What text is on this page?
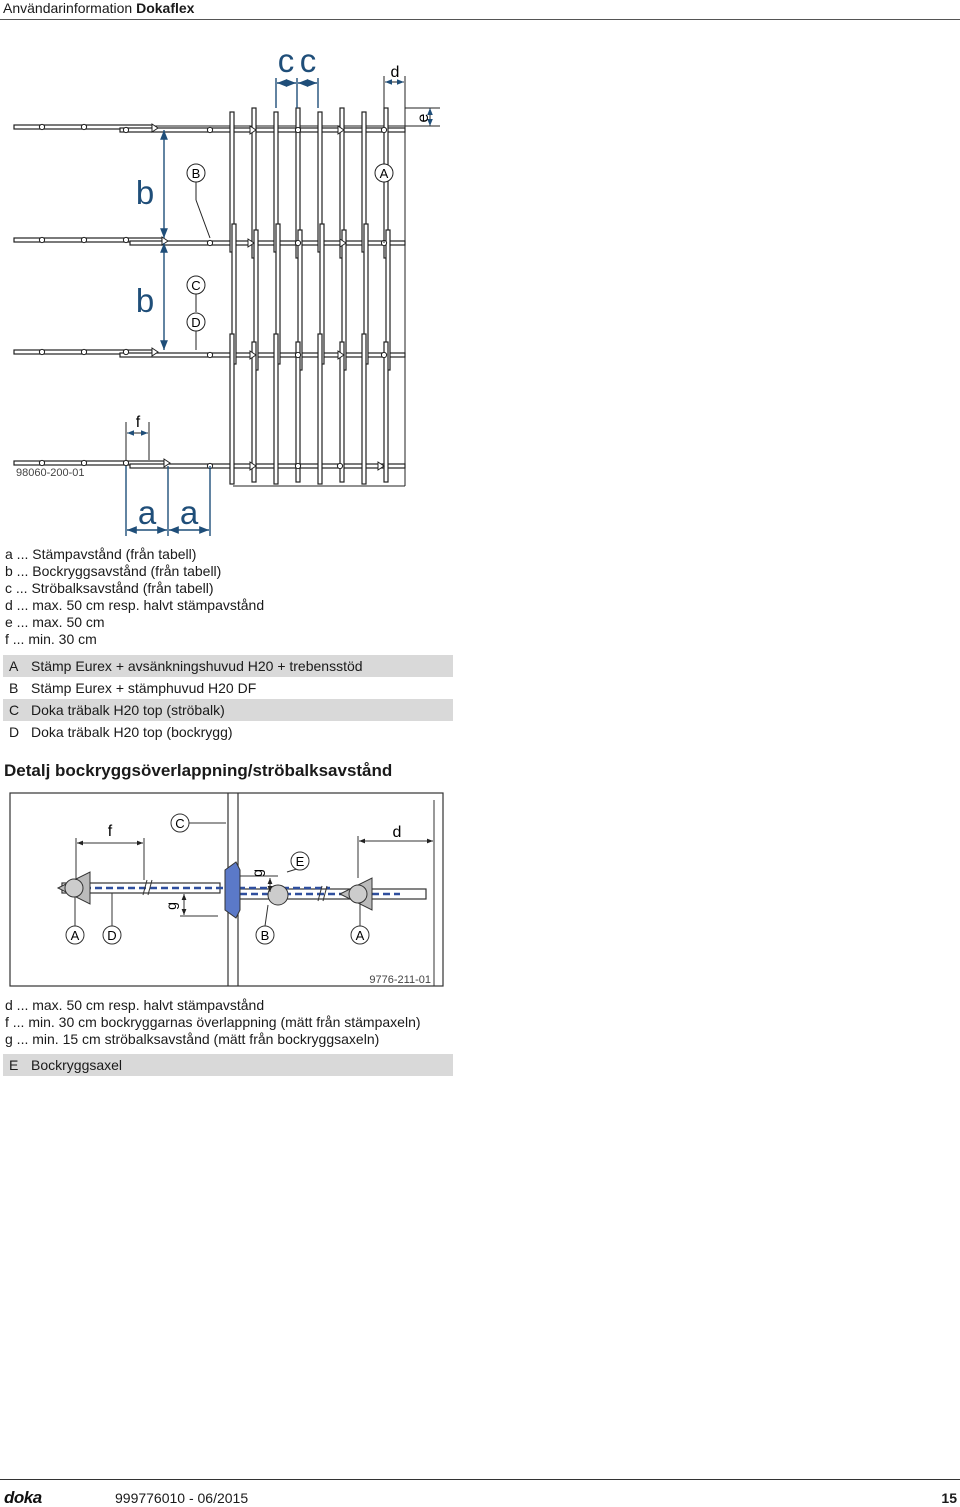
Användarinformation Dokaflex
c c	d
e
b
b
B	A
C
D
f
a a
98060-200-01
a ... Stämpavstånd (från tabell)
b ... Bockryggsavstånd (från tabell)
c ... Ströbalksavstånd (från tabell)
d ... max. 50 cm resp. halvt stämpavstånd
e ... max. 50 cm
f ... min. 30 cm
A Stämp Eurex + avsänkningshuvud H20 + trebensstöd
B Stämp Eurex + stämphuvud H20 DF
C Doka träbalk H20 top (ströbalk)
D Doka träbalk H20 top (bockrygg)
Detalj bockryggsöverlappning/ströbalksavstånd
f	d
g
g
C
E
A D	B	A
9776-211-01
d ... max. 50 cm resp. halvt stämpavstånd
f ... min. 30 cm bockryggarnas överlappning (mätt från stämpaxeln)
g ... min. 15 cm ströbalksavstånd (mätt från bockryggsaxeln)
E Bockryggsaxel
doka	999776010 - 06/2015	15
